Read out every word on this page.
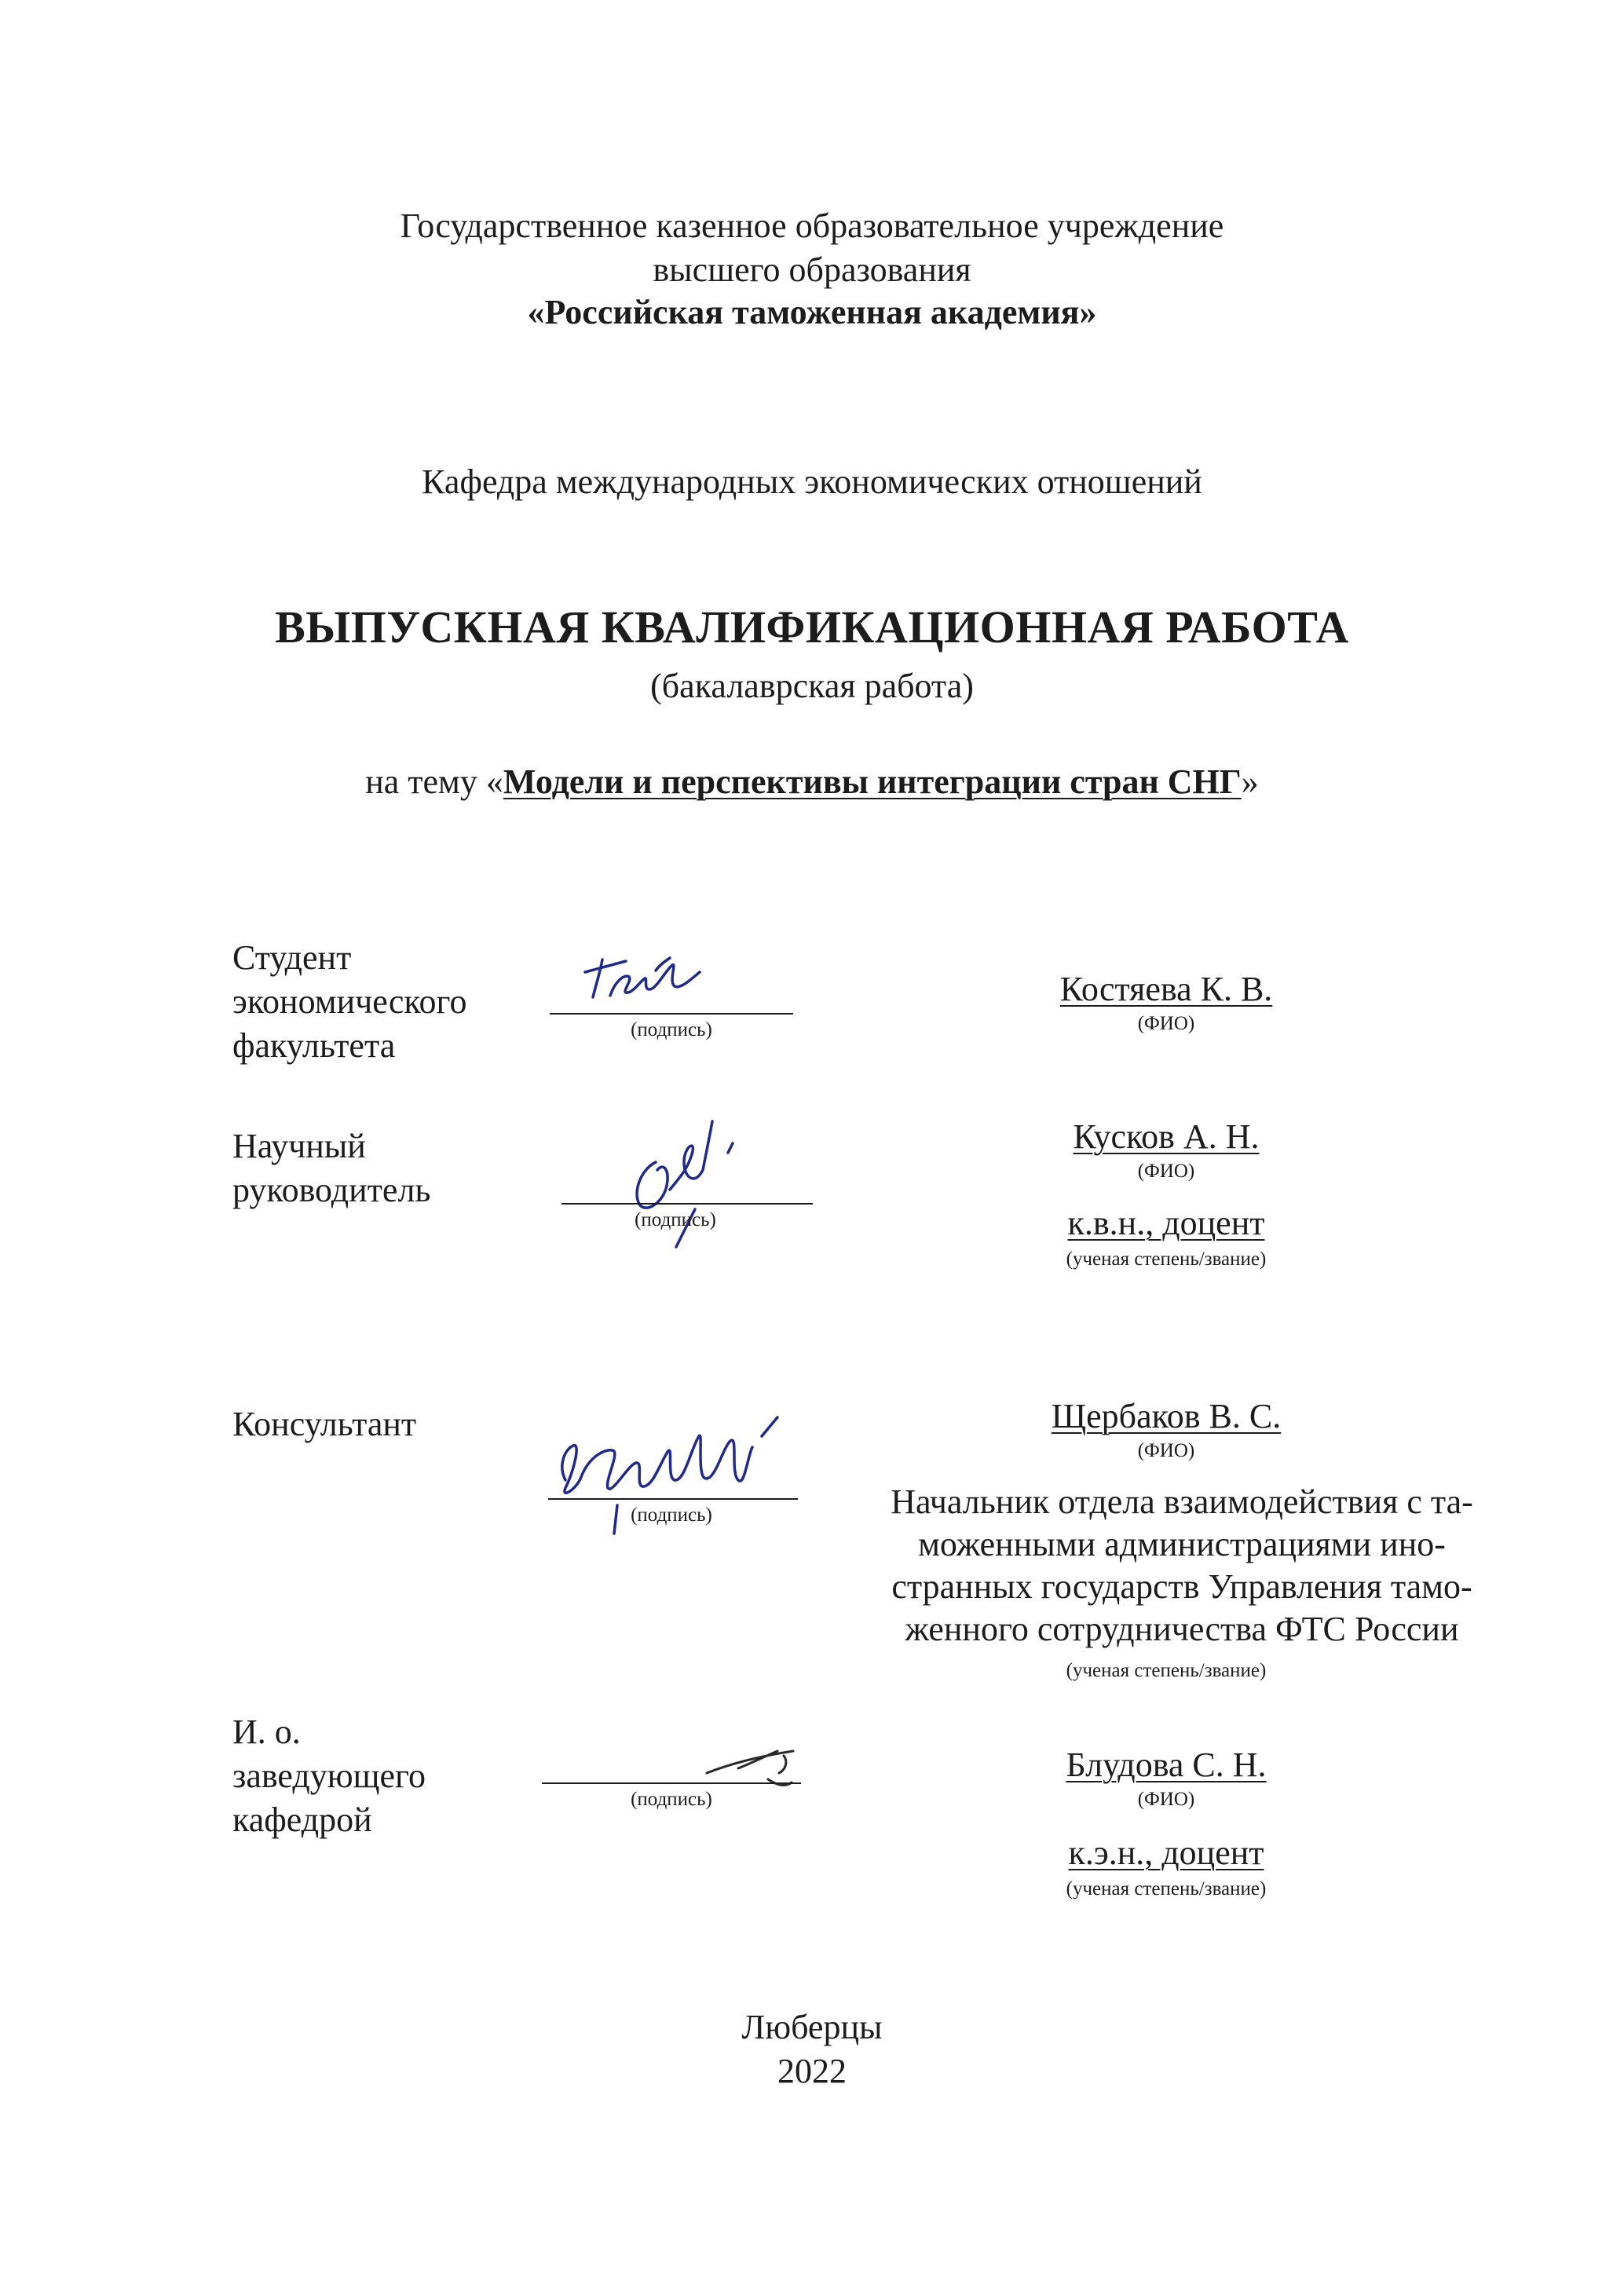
Государственное казенное образовательное учреждение
высшего образования
«Российская таможенная академия»
Кафедра международных экономических отношений
ВЫПУСКНАЯ КВАЛИФИКАЦИОННАЯ РАБОТА
(бакалаврская работа)
на тему «Модели и перспективы интеграции стран СНГ»
Студент
экономического
факультета	(подпись)
Костяева К. В.
(ФИО)
Научный
руководитель
(подпись)
Кусков А. Н.
(ФИО)
к.в.н., доцент
(ученая степень/звание)
Консультант
(подпись)
Щербаков В. С.
(ФИО)
Начальник отдела взаимодействия с та-
моженными администрациями ино-
странных государств Управления тамо-
женного сотрудничества ФТС России
(ученая степень/звание)
И. о.
заведующего
кафедрой
(подпись)
Блудова С. Н.
(ФИО)
к.э.н., доцент
(ученая степень/звание)
Люберцы
2022
